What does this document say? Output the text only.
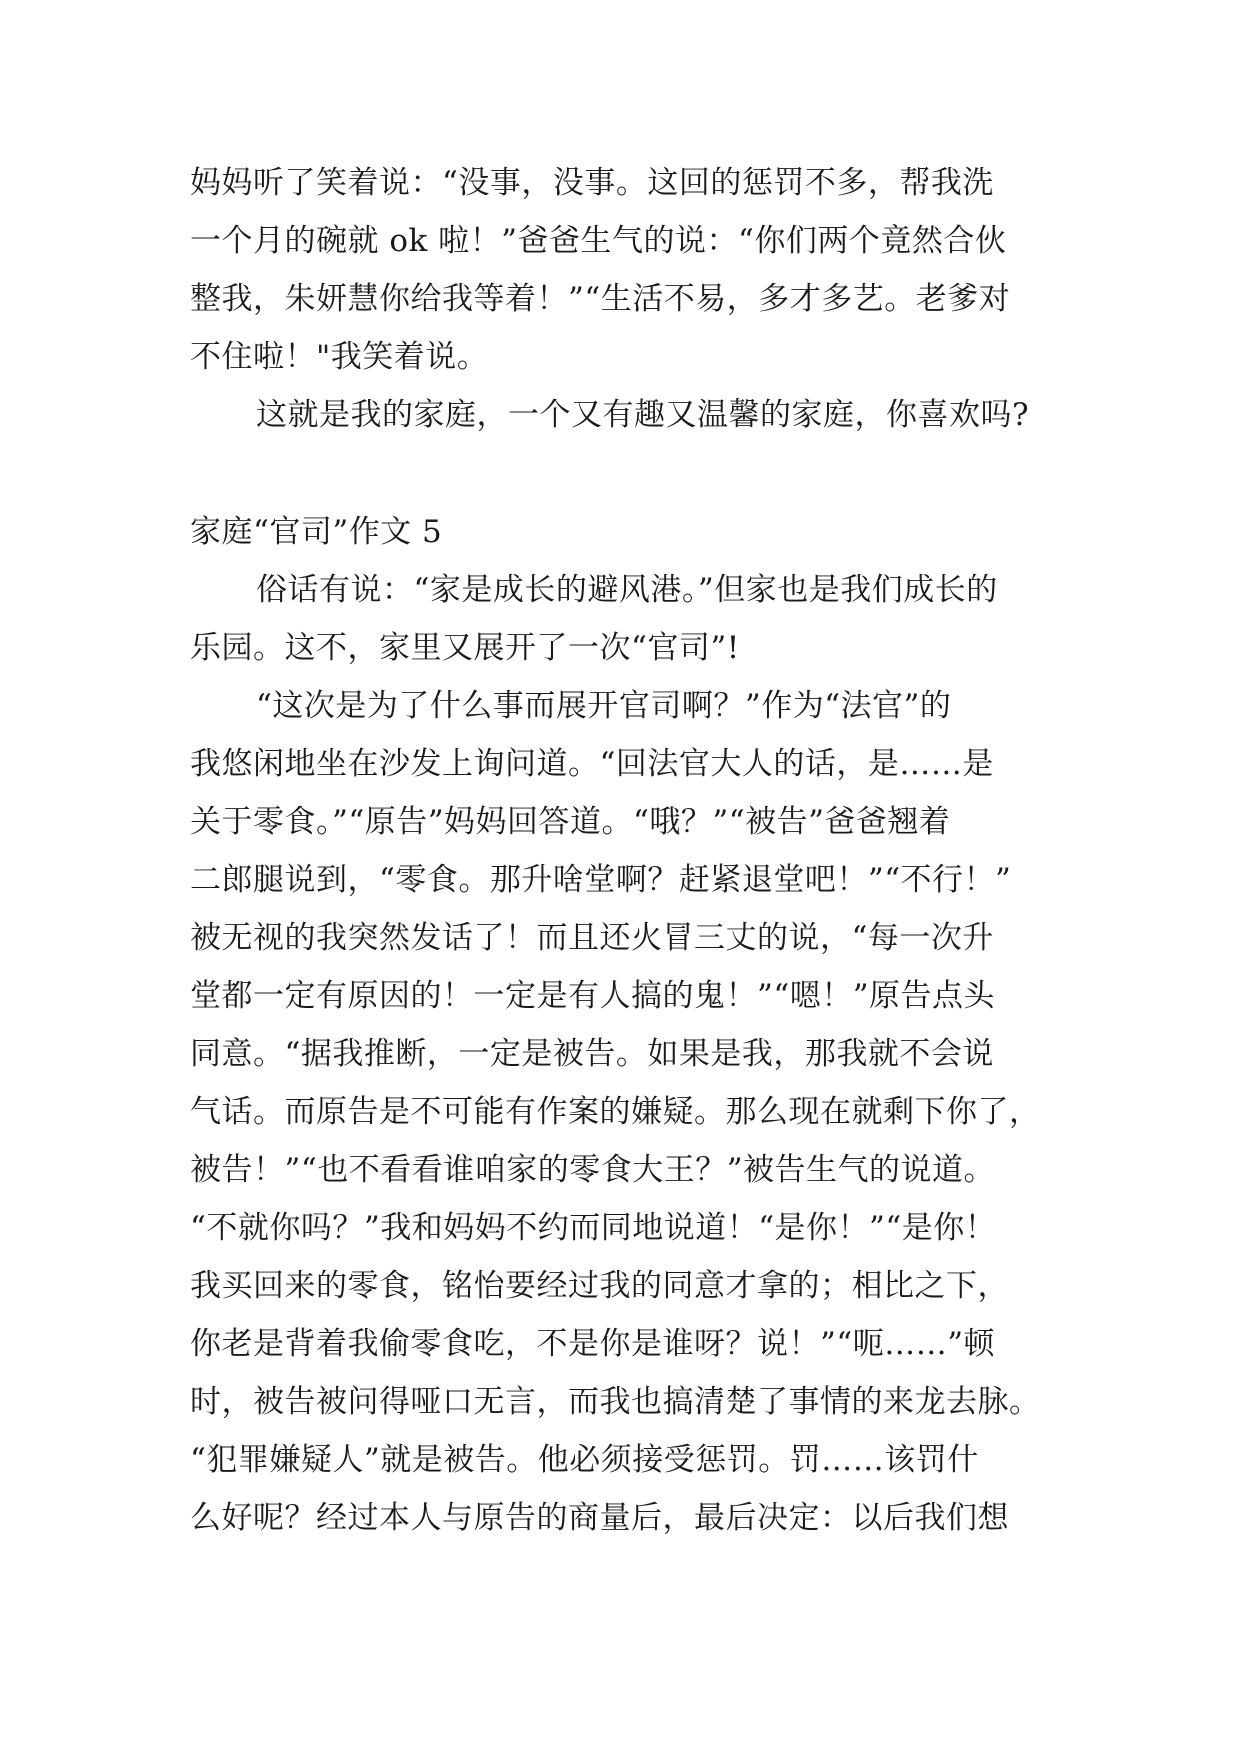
妈妈听了笑着说：“没事，没事。这回的惩罚不多，帮我洗
一个月的碗就 ok 啦！”爸爸生气的说：“你们两个竟然合伙
整我，朱妍慧你给我等着！”“生活不易，多才多艺。老爹对
不住啦！"我笑着说。
这就是我的家庭，一个又有趣又温馨的家庭，你喜欢吗?
家庭“官司”作文 5
俗话有说：“家是成长的避风港。”但家也是我们成长的
乐园。这不，家里又展开了一次“官司”!
“这次是为了什么事而展开官司啊？”作为“法官”的
我悠闲地坐在沙发上询问道。“回法官大人的话，是……是
关于零食。”“原告”妈妈回答道。“哦？”“被告”爸爸翘着
二郎腿说到，“零食。那升啥堂啊？赶紧退堂吧！”“不行！”
被无视的我突然发话了！而且还火冒三丈的说，“每一次升
堂都一定有原因的！一定是有人搞的鬼！”“嗯！”原告点头
同意。“据我推断，一定是被告。如果是我，那我就不会说
气话。而原告是不可能有作案的嫌疑。那么现在就剩下你了，
被告！”“也不看看谁咱家的零食大王？”被告生气的说道。
“不就你吗？”我和妈妈不约而同地说道！“是你！”“是你！
我买回来的零食，铭怡要经过我的同意才拿的；相比之下，
你老是背着我偷零食吃，不是你是谁呀？说！”“呃……”顿
时，被告被问得哑口无言，而我也搞清楚了事情的来龙去脉。
“犯罪嫌疑人”就是被告。他必须接受惩罚。罚……该罚什
么好呢？经过本人与原告的商量后，最后决定：以后我们想
